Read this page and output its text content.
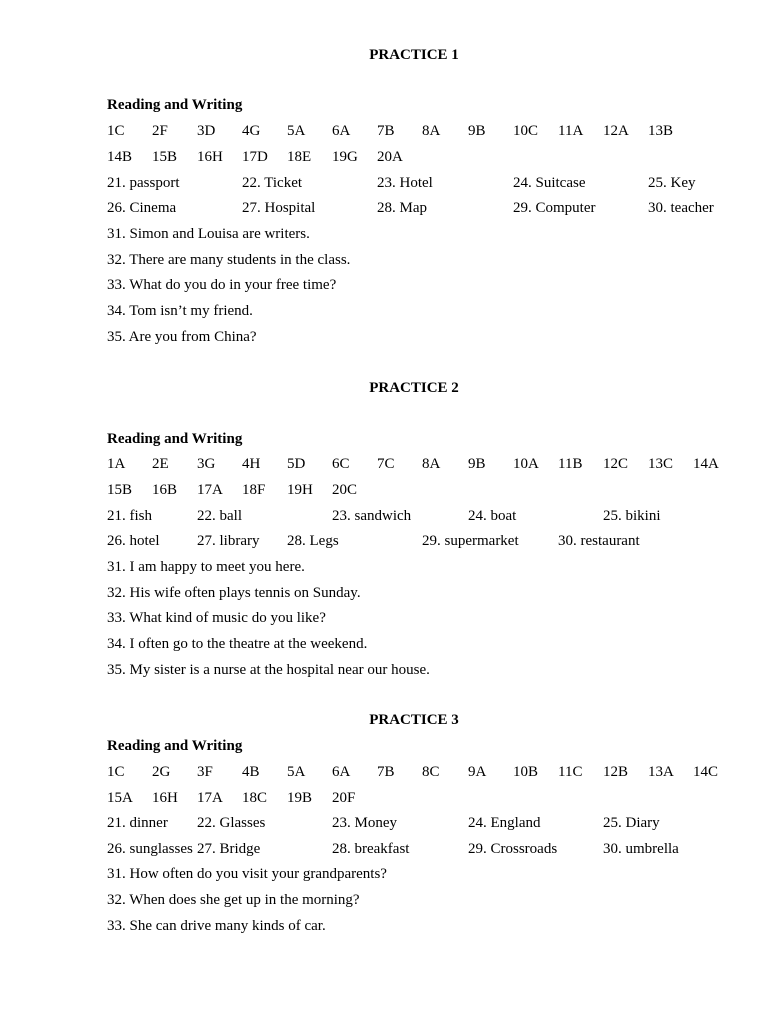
PRACTICE 1
Reading and Writing
1C 2F 3D 4G 5A 6A 7B 8A 9B 10C 11A 12A 13B
14B 15B 16H 17D 18E 19G 20A
21. passport	22. Ticket	23. Hotel	24. Suitcase	25. Key
26. Cinema	27. Hospital	28. Map	29. Computer	30. teacher
31. Simon and Louisa are writers.
32. There are many students in the class.
33. What do you do in your free time?
34. Tom isn’t my friend.
35. Are you from China?
PRACTICE 2
Reading and Writing
1A 2E 3G 4H 5D 6C 7C 8A 9B 10A 11B 12C 13C 14A
15B 16B 17A 18F 19H 20C
21. fish	22. ball	23. sandwich	24. boat	25. bikini
26. hotel	27. library 28. Legs	29. supermarket	30. restaurant
31. I am happy to meet you here.
32. His wife often plays tennis on Sunday.
33. What kind of music do you like?
34. I often go to the theatre at the weekend.
35. My sister is a nurse at the hospital near our house.
PRACTICE 3
Reading and Writing
1C 2G 3F 4B 5A 6A 7B 8C 9A 10B 11C 12B 13A 14C
15A 16H 17A 18C 19B 20F
21. dinner 22. Glasses	23. Money	24. England	25. Diary
26. sunglasses 27. Bridge	28. breakfast	29. Crossroads	30. umbrella
31. How often do you visit your grandparents?
32. When does she get up in the morning?
33. She can drive many kinds of car.
